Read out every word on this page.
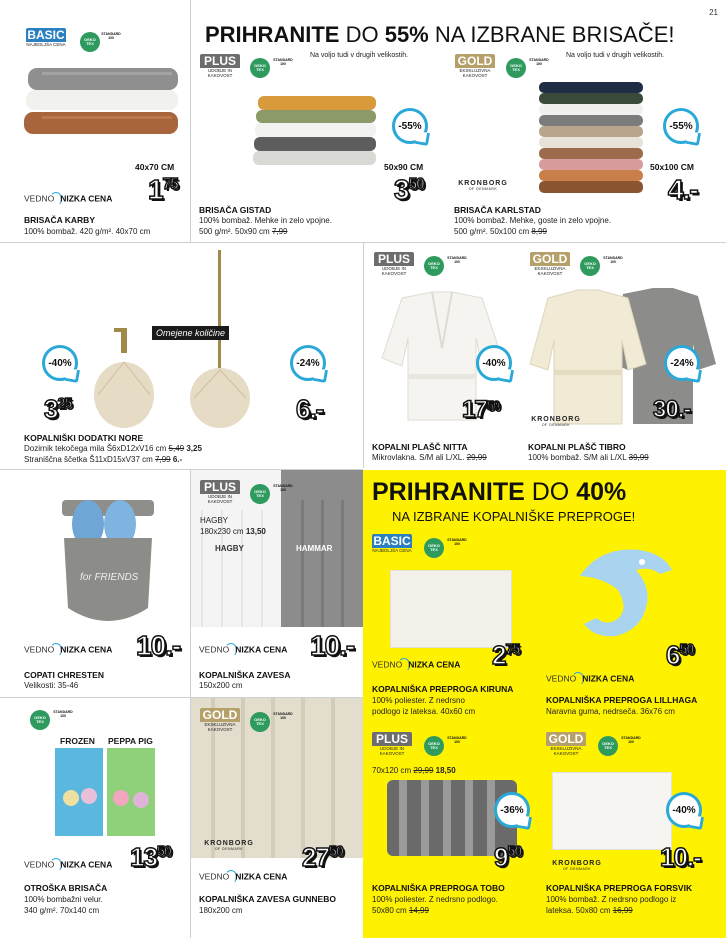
21
BASIC
NAJBOLJŠA CENA
OEKO TEX
STANDARD 100
40x70 CM
$1^{75}$
VEDNO NIZKA CENA
BRISAČA KARBY
100% bombaž. 420 g/m². 40x70 cm
PRIHRANITE DO 55% NA IZBRANE BRISAČE!
PLUS
UDOBJE IN KAKOVOST
OEKO TEX
STANDARD 100
Na voljo tudi v drugih velikostih.
-55%
50x90 CM
$3^{50}$
BRISAČA GISTAD
100% bombaž. Mehke in zelo vpojne.
500 g/m². 50x90 cm 7,99
GOLD
EKSKLUZIVNA KAKOVOST
OEKO TEX
STANDARD 100
Na voljo tudi v drugih velikostih.
-55%
50x100 CM
4.-
KRONBORG
OF DENMARK
BRISAČA KARLSTAD
100% bombaž. Mehke, goste in zelo vpojne.
500 g/m². 50x100 cm 8,99
Omejene količine
-40%	-24%
$3^{25}$	6.-
KOPALNIŠKI DODATKI NORE
Dozirnik tekočega mila Š6xD12xV16 cm 5,49 3,25
Straniščna ščetka Š11xD15xV37 cm 7,99 6.-
PLUS
UDOBJE IN KAKOVOST
OEKO TEX
STANDARD 100
-40%
$17^{50}$
KOPALNI PLAŠČ NITTA
Mikrovlakna. S/M ali L/XL. 29,99
GOLD
EKSKLUZIVNA KAKOVOST
OEKO TEX
STANDARD 100
-24%
KRONBORG
OF DENMARK
30.-
KOPALNI PLAŠČ TIBRO
100% bombaž. S/M ali L/XL 39,99
for FRIENDS
VEDNO NIZKA CENA 10.-
COPATI CHRESTEN
Velikosti: 35-46
PLUS
UDOBJE IN KAKOVOST
OEKO TEX
STANDARD 100
HAGBY
180x230 cm 13,50
HAGBY	HAMMAR
VEDNO NIZKA CENA 10.-
KOPALNIŠKA ZAVESA
150x200 cm
PRIHRANITE DO 40%
NA IZBRANE KOPALNIŠKE PREPROGE!
BASIC
NAJBOLJŠA CENA
OEKO TEX
STANDARD 100
VEDNO NIZKA CENA $2^{75}$
KOPALNIŠKA PREPROGA KIRUNA
100% poliester. Z nedrsno
podlogo iz lateksa. 40x60 cm
VEDNO NIZKA CENA
$6^{50}$
KOPALNIŠKA PREPROGA LILLHAGA
Naravna guma, nedrseča. 36x76 cm
PLUS
UDOBJE IN KAKOVOST
OEKO TEX
STANDARD 100
70x120 cm 29,99 18,50
-36%
$9^{50}$
KOPALNIŠKA PREPROGA TOBO
100% poliester. Z nedrsno podlogo.
50x80 cm 14,99
GOLD
EKSKLUZIVNA KAKOVOST
OEKO TEX
STANDARD 100
-40%
KRONBORG
OF DENMARK	10.-
KOPALNIŠKA PREPROGA FORSVIK
100% bombaž. Z nedrsno podlogo iz
lateksa. 50x80 cm 16,99
OEKO TEX
STANDARD 100
FROZEN PEPPA PIG
VEDNO NIZKA CENA $13^{50}$
OTROŠKA BRISAČA
100% bombažni velur.
340 g/m². 70x140 cm
GOLD
EKSKLUZIVNA KAKOVOST
OEKO TEX
STANDARD 100
KRONBORG
OF DENMARK
VEDNO NIZKA CENA
$27^{50}$
KOPALNIŠKA ZAVESA GUNNEBO
180x200 cm
